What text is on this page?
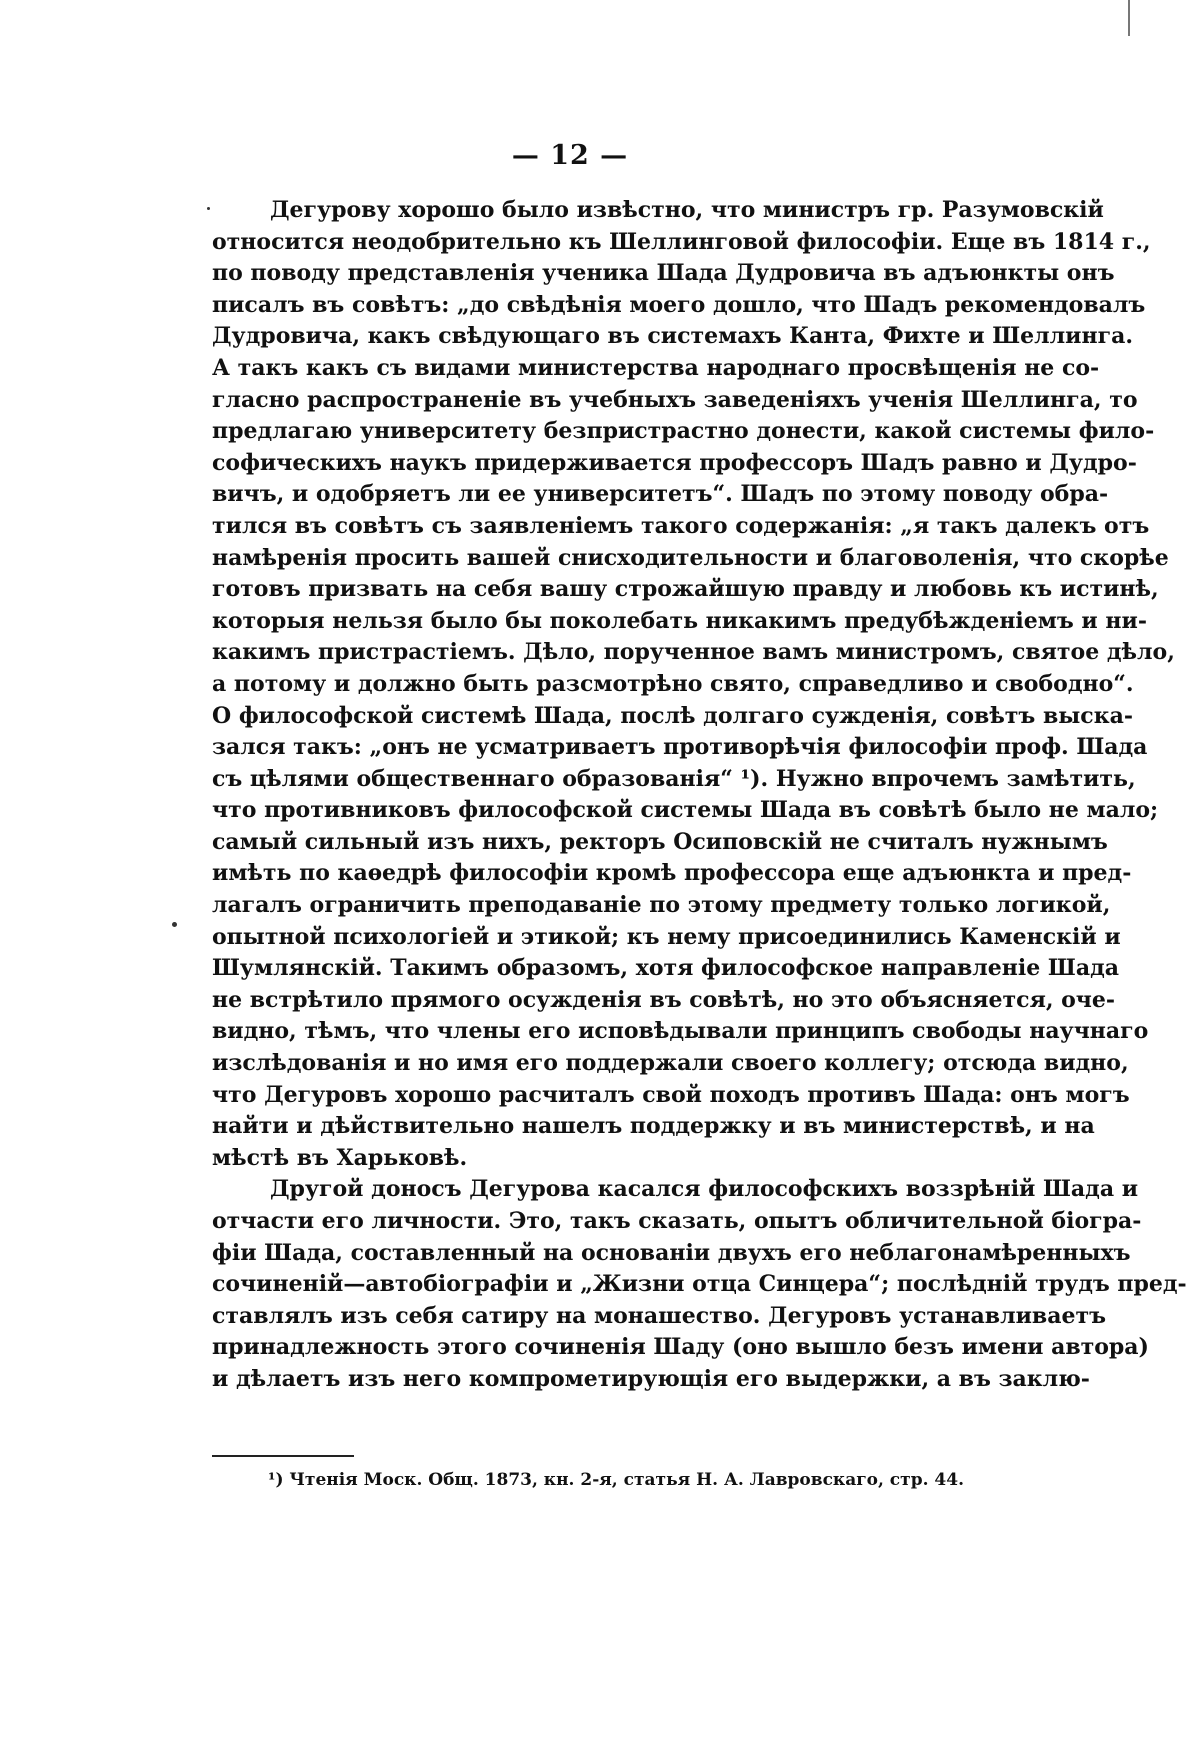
— 12 —
Дегурову хорошо было извѣстно, что министръ гр. Разумовскій
относится неодобрительно къ Шеллинговой философіи. Еще въ 1814 г.,
по поводу представленія ученика Шада Дудровича въ адъюнкты онъ
писалъ въ совѣтъ: „до свѣдѣнія моего дошло, что Шадъ рекомендовалъ
Дудровича, какъ свѣдующаго въ системахъ Канта, Фихте и Шеллинга.
А такъ какъ съ видами министерства народнаго просвѣщенія не со-
гласно распространеніе въ учебныхъ заведеніяхъ ученія Шеллинга, то
предлагаю университету безпристрастно донести, какой системы фило-
софическихъ наукъ придерживается профессоръ Шадъ равно и Дудро-
вичъ, и одобряетъ ли ее университетъ“. Шадъ по этому поводу обра-
тился въ совѣтъ съ заявленіемъ такого содержанія: „я такъ далекъ отъ
намѣренія просить вашей снисходительности и благоволенія, что скорѣе
готовъ призвать на себя вашу строжайшую правду и любовь къ истинѣ,
которыя нельзя было бы поколебать никакимъ предубѣжденіемъ и ни-
какимъ пристрастіемъ. Дѣло, порученное вамъ министромъ, святое дѣло,
а потому и должно быть разсмотрѣно свято, справедливо и свободно“.
О философской системѣ Шада, послѣ долгаго сужденія, совѣтъ выска-
зался такъ: „онъ не усматриваетъ противорѣчія философіи проф. Шада
съ цѣлями общественнаго образованія“ ¹). Нужно впрочемъ замѣтить,
что противниковъ философской системы Шада въ совѣтѣ было не мало;
самый сильный изъ нихъ, ректоръ Осиповскій не считалъ нужнымъ
имѣть по каѳедрѣ философіи кромѣ профессора еще адъюнкта и пред-
лагалъ ограничить преподаваніе по этому предмету только логикой,
опытной психологіей и этикой; къ нему присоединились Каменскій и
Шумлянскій. Такимъ образомъ, хотя философское направленіе Шада
не встрѣтило прямого осужденія въ совѣтѣ, но это объясняется, оче-
видно, тѣмъ, что члены его исповѣдывали принципъ свободы научнаго
изслѣдованія и но имя его поддержали своего коллегу; отсюда видно,
что Дегуровъ хорошо расчиталъ свой походъ противъ Шада: онъ могъ
найти и дѣйствительно нашелъ поддержку и въ министерствѣ, и на
мѣстѣ въ Харьковѣ.
Другой доносъ Дегурова касался философскихъ воззрѣній Шада и
отчасти его личности. Это, такъ сказать, опытъ обличительной біогра-
фіи Шада, составленный на основаніи двухъ его неблагонамѣренныхъ
сочиненій—автобіографіи и „Жизни отца Синцера“; послѣдній трудъ пред-
ставлялъ изъ себя сатиру на монашество. Дегуровъ устанавливаетъ
принадлежность этого сочиненія Шаду (оно вышло безъ имени автора)
и дѣлаетъ изъ него компрометирующія его выдержки, а въ заклю-
¹) Чтенія Моск. Общ. 1873, кн. 2-я, статья Н. А. Лавровскаго, стр. 44.
